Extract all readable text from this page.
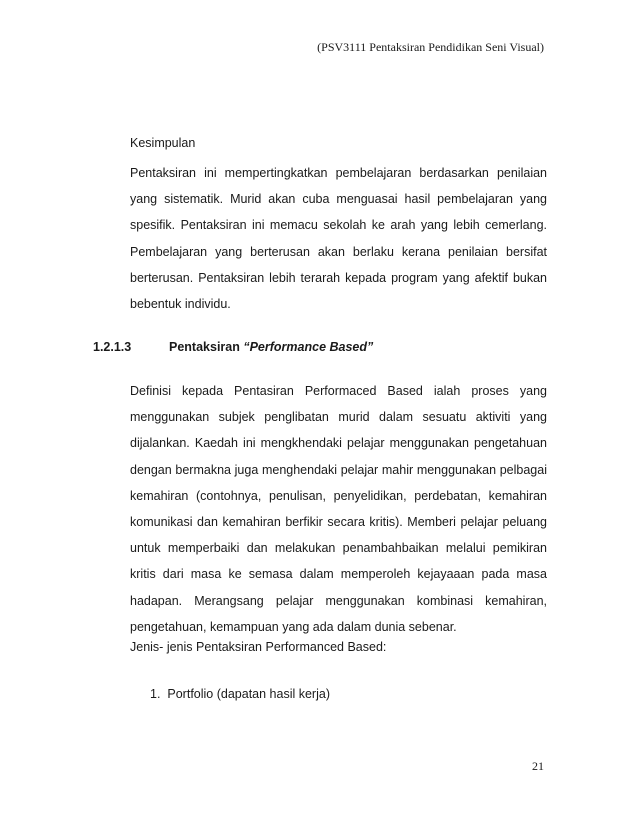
(PSV3111 Pentaksiran Pendidikan Seni Visual)
Kesimpulan

Pentaksiran ini mempertingkatkan pembelajaran berdasarkan penilaian yang sistematik. Murid akan cuba menguasai hasil pembelajaran yang spesifik. Pentaksiran ini memacu sekolah ke arah yang lebih cemerlang. Pembelajaran yang berterusan akan berlaku kerana penilaian bersifat berterusan. Pentaksiran lebih terarah kepada program yang afektif bukan bebentuk individu.

1.2.1.3	Pentaksiran “Performance Based”

Definisi kepada Pentasiran Performaced Based ialah proses yang menggunakan subjek penglibatan murid dalam sesuatu aktiviti yang dijalankan. Kaedah ini mengkhendaki pelajar menggunakan pengetahuan dengan bermakna juga menghendaki pelajar mahir menggunakan pelbagai kemahiran (contohnya, penulisan, penyelidikan, perdebatan, kemahiran komunikasi dan kemahiran berfikir secara kritis). Memberi pelajar peluang untuk memperbaiki dan melakukan penambahbaikan melalui pemikiran kritis dari masa ke semasa dalam memperoleh kejayaaan pada masa hadapan. Merangsang pelajar menggunakan kombinasi kemahiran, pengetahuan, kemampuan yang ada dalam dunia sebenar.

Jenis- jenis Pentaksiran Performanced Based:
1. Portfolio (dapatan hasil kerja)
21
